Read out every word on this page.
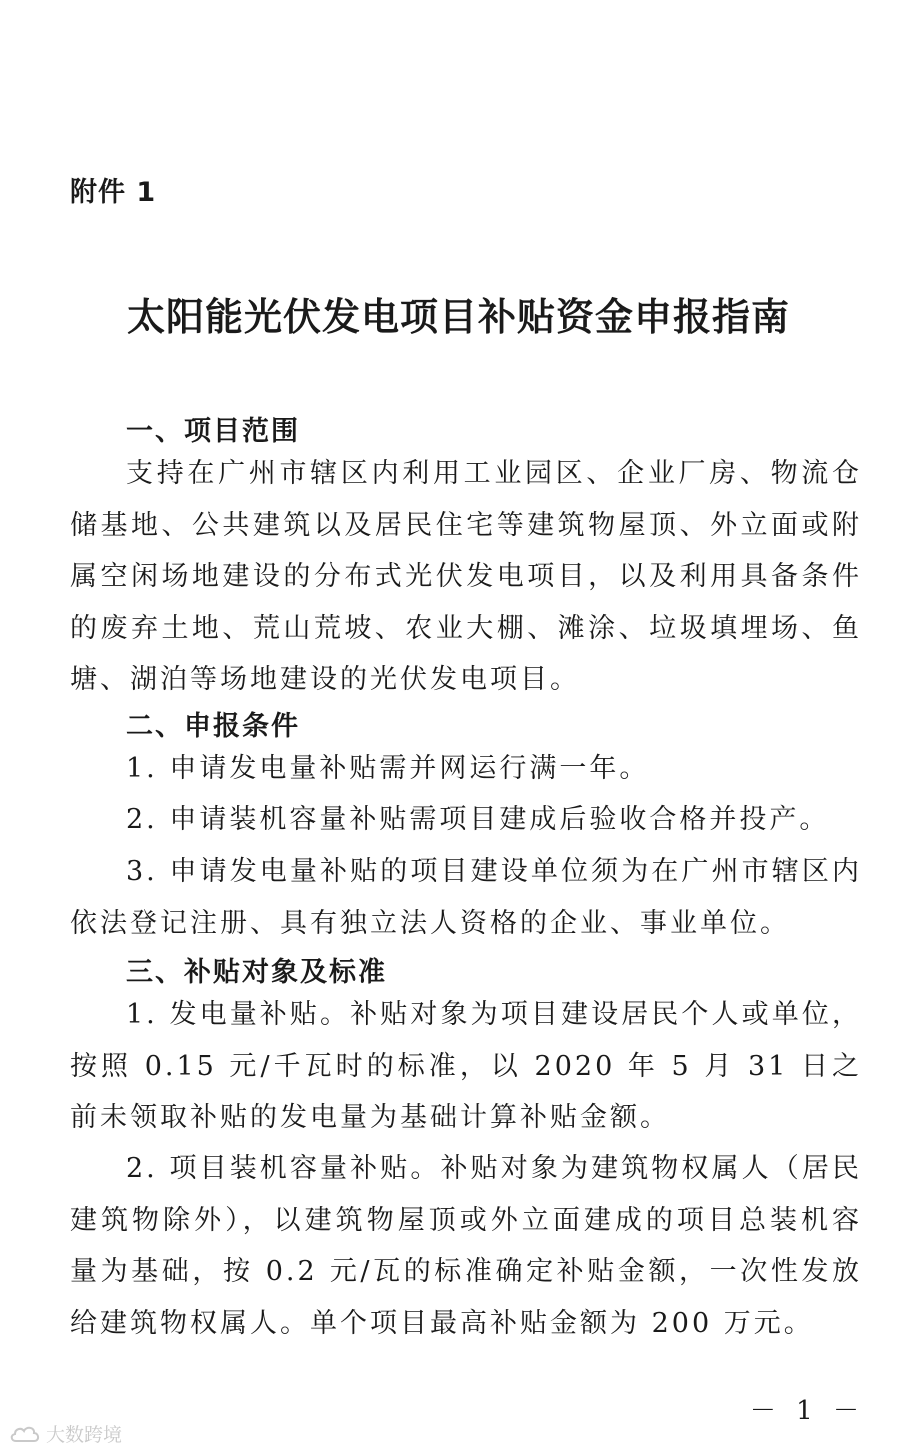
附件 1
太阳能光伏发电项目补贴资金申报指南
一、项目范围
支持在广州市辖区内利用工业园区、企业厂房、物流仓储基地、公共建筑以及居民住宅等建筑物屋顶、外立面或附属空闲场地建设的分布式光伏发电项目，以及利用具备条件的废弃土地、荒山荒坡、农业大棚、滩涂、垃圾填埋场、鱼塘、湖泊等场地建设的光伏发电项目。
二、申报条件
1. 申请发电量补贴需并网运行满一年。
2. 申请装机容量补贴需项目建成后验收合格并投产。
3. 申请发电量补贴的项目建设单位须为在广州市辖区内依法登记注册、具有独立法人资格的企业、事业单位。
三、补贴对象及标准
1. 发电量补贴。补贴对象为项目建设居民个人或单位，按照 0.15 元/千瓦时的标准，以 2020 年 5 月 31 日之前未领取补贴的发电量为基础计算补贴金额。
2. 项目装机容量补贴。补贴对象为建筑物权属人（居民建筑物除外），以建筑物屋顶或外立面建成的项目总装机容量为基础，按 0.2 元/瓦的标准确定补贴金额，一次性发放给建筑物权属人。单个项目最高补贴金额为 200 万元。
－ 1 －
大数跨境
